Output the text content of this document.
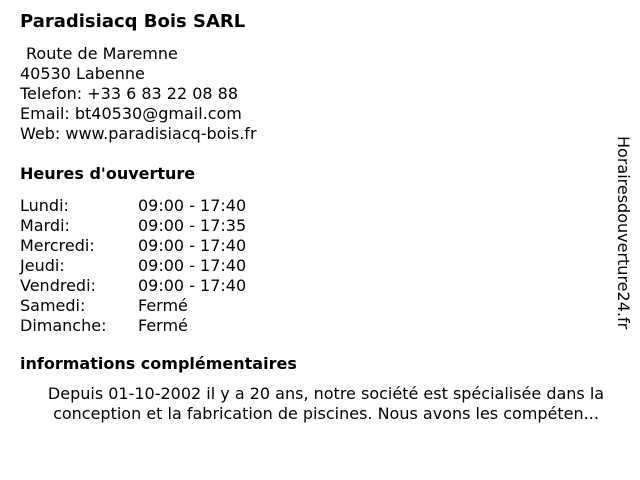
Paradisiacq Bois SARL
Route de Maremne
40530 Labenne
Telefon: +33 6 83 22 08 88
Email: bt40530@gmail.com
Web: www.paradisiacq-bois.fr
Heures d'ouverture
Lundi:	09:00 - 17:40
Mardi:	09:00 - 17:35
Mercredi:	09:00 - 17:40
Jeudi:	09:00 - 17:40
Vendredi:	09:00 - 17:40
Samedi:	Fermé
Dimanche:	Fermé
informations complémentaires
Depuis 01-10-2002 il y a 20 ans, notre société est spécialisée dans la conception et la fabrication de piscines. Nous avons les compéten...
Horairesdouverture24.fr
